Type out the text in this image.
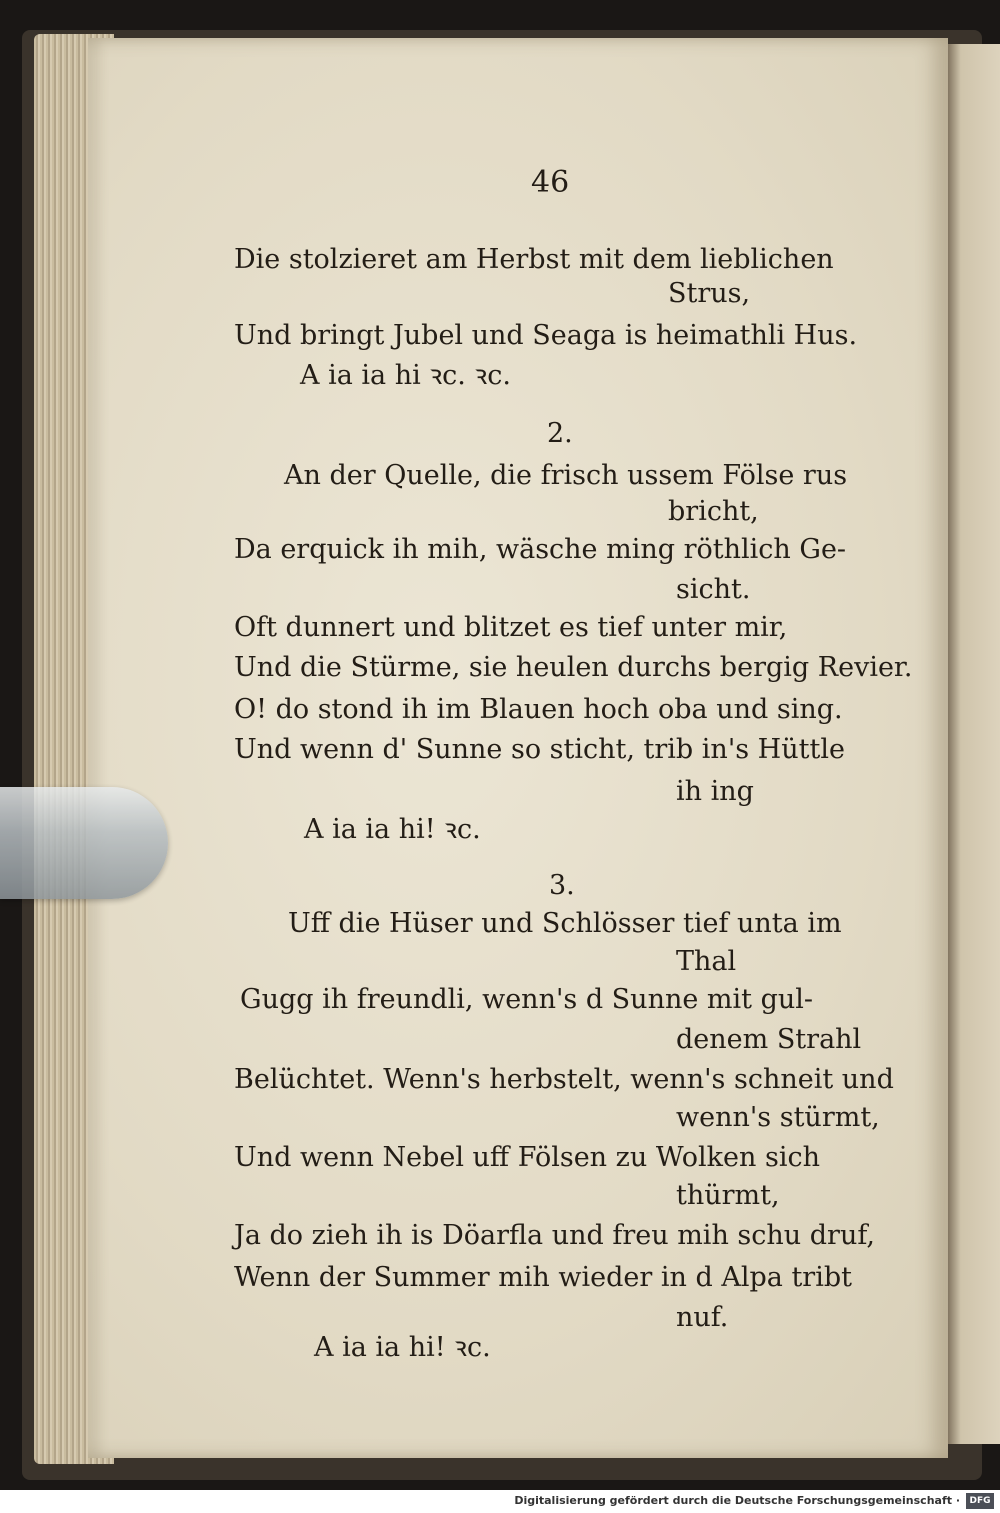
46
Die stolzieret am Herbst mit dem lieblichen
Strus,
Und bringt Jubel und Seaga is heimathli Hus.
A ia ia hi ꝛc. ꝛc.
2.
An der Quelle, die frisch ussem Fölse rus
bricht,
Da erquick ih mih, wäsche ming röthlich Ge-
sicht.
Oft dunnert und blitzet es tief unter mir,
Und die Stürme, sie heulen durchs bergig Revier.
O! do stond ih im Blauen hoch oba und sing.
Und wenn d' Sunne so sticht, trib in's Hüttle
ih ing
A ia ia hi! ꝛc.
3.
Uff die Hüser und Schlösser tief unta im
Thal
Gugg ih freundli, wenn's d Sunne mit gul-
denem Strahl
Belüchtet. Wenn's herbstelt, wenn's schneit und
wenn's stürmt,
Und wenn Nebel uff Fölsen zu Wolken sich
thürmt,
Ja do zieh ih is Döarfla und freu mih schu druf,
Wenn der Summer mih wieder in d Alpa tribt
nuf.
A ia ia hi! ꝛc.
Digitalisierung gefördert durch die Deutsche Forschungsgemeinschaft ·	DFG
